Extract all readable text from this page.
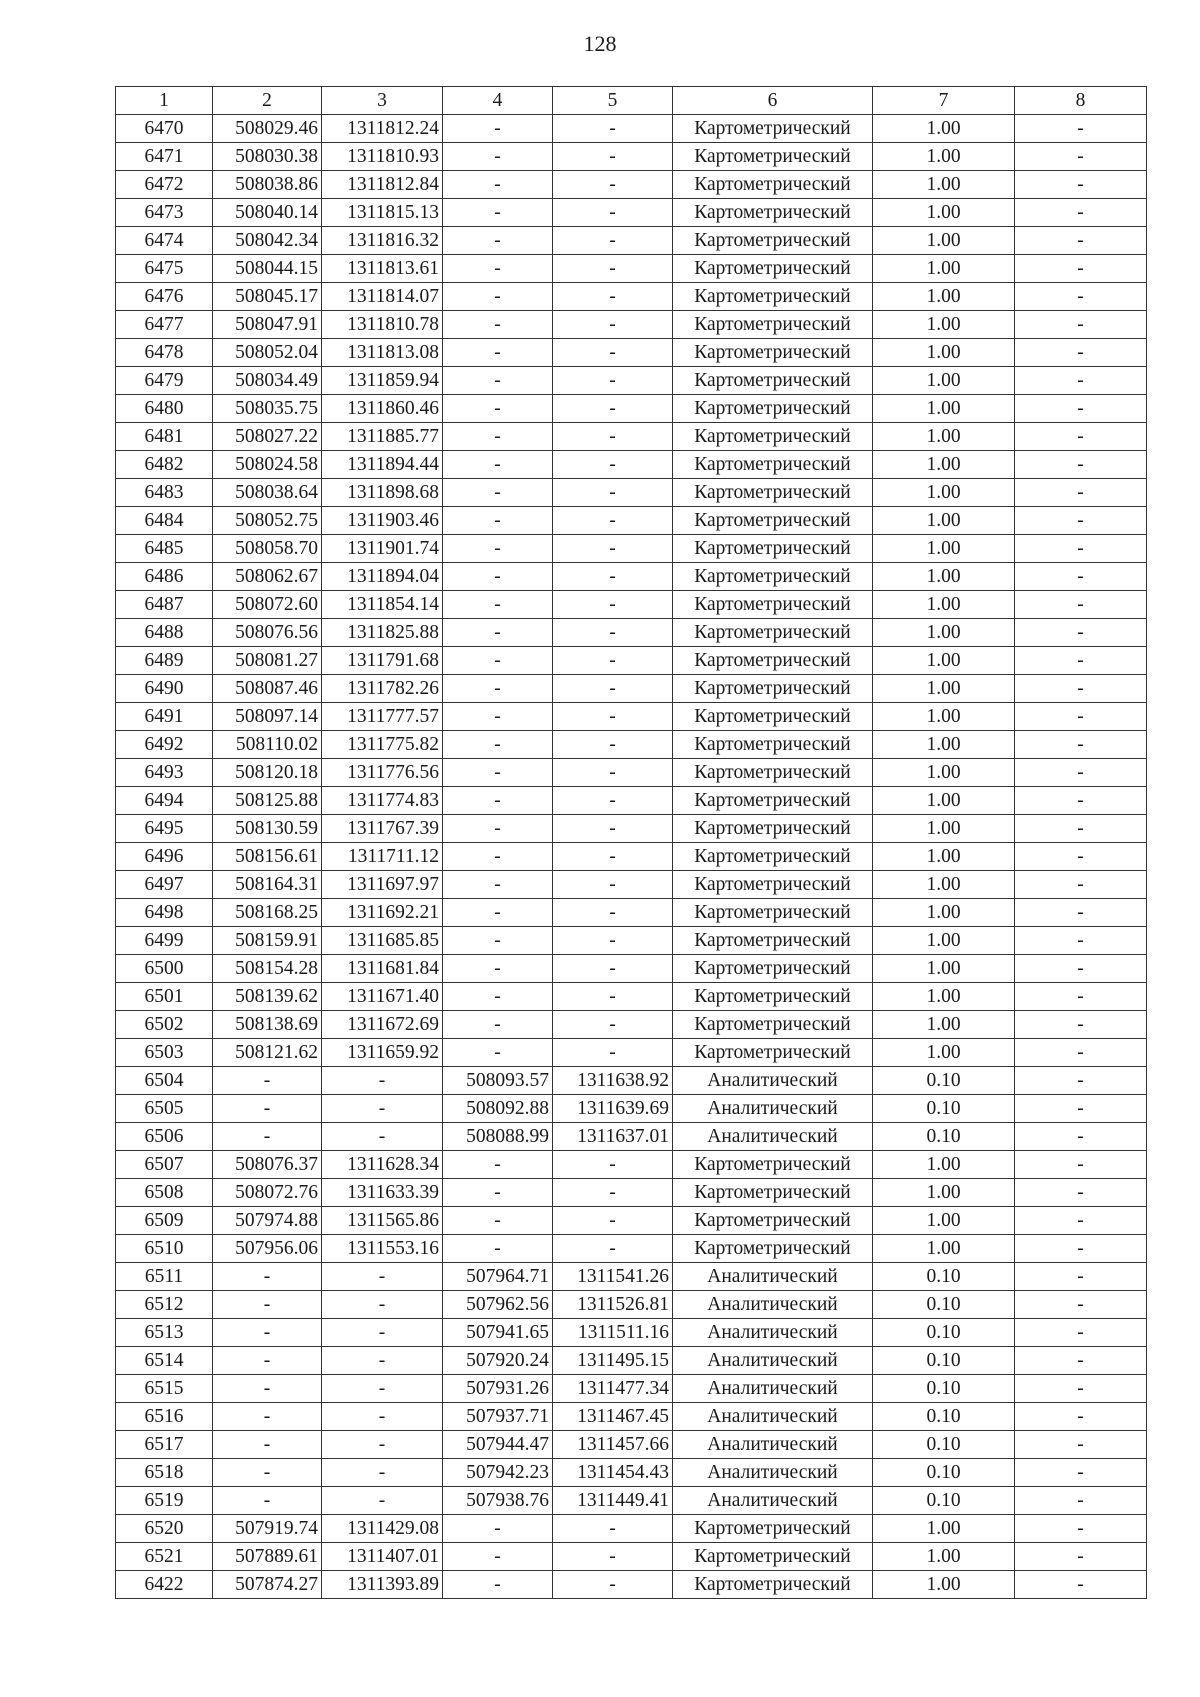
128
1	2	3	4	5	6	7	8
6470	508029.46	1311812.24	-	-	Картометрический	1.00	-
6471	508030.38	1311810.93	-	-	Картометрический	1.00	-
6472	508038.86	1311812.84	-	-	Картометрический	1.00	-
6473	508040.14	1311815.13	-	-	Картометрический	1.00	-
6474	508042.34	1311816.32	-	-	Картометрический	1.00	-
6475	508044.15	1311813.61	-	-	Картометрический	1.00	-
6476	508045.17	1311814.07	-	-	Картометрический	1.00	-
6477	508047.91	1311810.78	-	-	Картометрический	1.00	-
6478	508052.04	1311813.08	-	-	Картометрический	1.00	-
6479	508034.49	1311859.94	-	-	Картометрический	1.00	-
6480	508035.75	1311860.46	-	-	Картометрический	1.00	-
6481	508027.22	1311885.77	-	-	Картометрический	1.00	-
6482	508024.58	1311894.44	-	-	Картометрический	1.00	-
6483	508038.64	1311898.68	-	-	Картометрический	1.00	-
6484	508052.75	1311903.46	-	-	Картометрический	1.00	-
6485	508058.70	1311901.74	-	-	Картометрический	1.00	-
6486	508062.67	1311894.04	-	-	Картометрический	1.00	-
6487	508072.60	1311854.14	-	-	Картометрический	1.00	-
6488	508076.56	1311825.88	-	-	Картометрический	1.00	-
6489	508081.27	1311791.68	-	-	Картометрический	1.00	-
6490	508087.46	1311782.26	-	-	Картометрический	1.00	-
6491	508097.14	1311777.57	-	-	Картометрический	1.00	-
6492	508110.02	1311775.82	-	-	Картометрический	1.00	-
6493	508120.18	1311776.56	-	-	Картометрический	1.00	-
6494	508125.88	1311774.83	-	-	Картометрический	1.00	-
6495	508130.59	1311767.39	-	-	Картометрический	1.00	-
6496	508156.61	1311711.12	-	-	Картометрический	1.00	-
6497	508164.31	1311697.97	-	-	Картометрический	1.00	-
6498	508168.25	1311692.21	-	-	Картометрический	1.00	-
6499	508159.91	1311685.85	-	-	Картометрический	1.00	-
6500	508154.28	1311681.84	-	-	Картометрический	1.00	-
6501	508139.62	1311671.40	-	-	Картометрический	1.00	-
6502	508138.69	1311672.69	-	-	Картометрический	1.00	-
6503	508121.62	1311659.92	-	-	Картометрический	1.00	-
6504	-	-	508093.57	1311638.92	Аналитический	0.10	-
6505	-	-	508092.88	1311639.69	Аналитический	0.10	-
6506	-	-	508088.99	1311637.01	Аналитический	0.10	-
6507	508076.37	1311628.34	-	-	Картометрический	1.00	-
6508	508072.76	1311633.39	-	-	Картометрический	1.00	-
6509	507974.88	1311565.86	-	-	Картометрический	1.00	-
6510	507956.06	1311553.16	-	-	Картометрический	1.00	-
6511	-	-	507964.71	1311541.26	Аналитический	0.10	-
6512	-	-	507962.56	1311526.81	Аналитический	0.10	-
6513	-	-	507941.65	1311511.16	Аналитический	0.10	-
6514	-	-	507920.24	1311495.15	Аналитический	0.10	-
6515	-	-	507931.26	1311477.34	Аналитический	0.10	-
6516	-	-	507937.71	1311467.45	Аналитический	0.10	-
6517	-	-	507944.47	1311457.66	Аналитический	0.10	-
6518	-	-	507942.23	1311454.43	Аналитический	0.10	-
6519	-	-	507938.76	1311449.41	Аналитический	0.10	-
6520	507919.74	1311429.08	-	-	Картометрический	1.00	-
6521	507889.61	1311407.01	-	-	Картометрический	1.00	-
6422	507874.27	1311393.89	-	-	Картометрический	1.00	-
